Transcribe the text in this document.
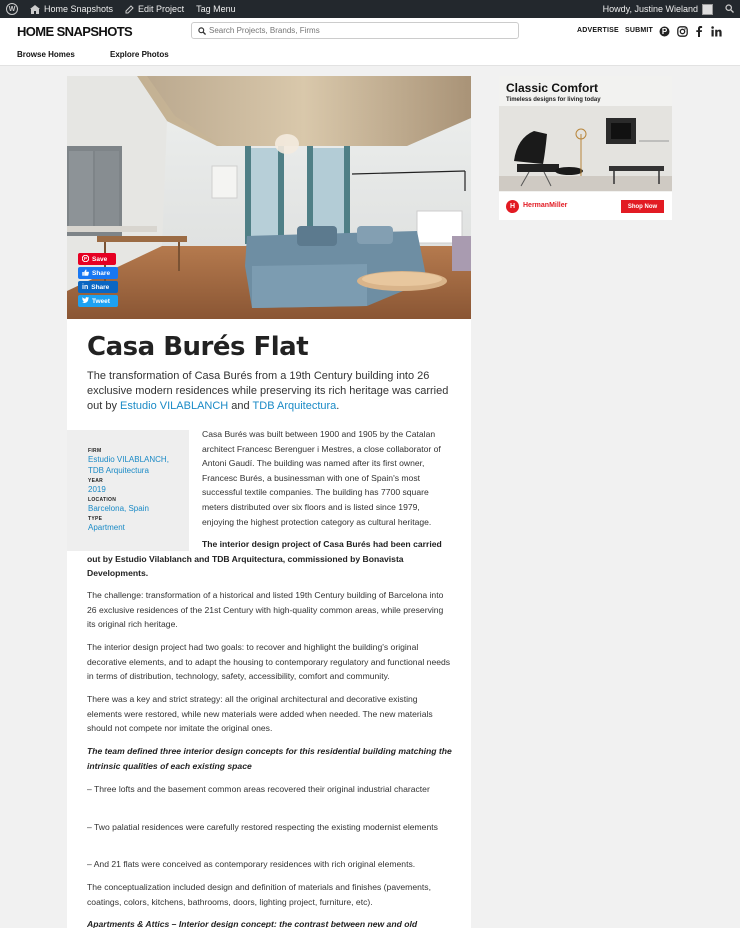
W	Home Snapshots	Edit Project Tag Menu	Howdy, Justine Wieland
HOME SNAPSHOTS
Search Projects, Brands, Firms	ADVERTISE SUBMIT P
Browse Homes	Explore Photos
P Save
Share
in Share
Tweet
Casa Burés Flat

The transformation of Casa Burés from a 19th Century building into 26 exclusive modern residences while preserving its rich heritage was carried out by Estudio VILABLANCH and TDB Arquitectura.

FIRM
Estudio VILABLANCH,
TDB Arquitectura
YEAR
2019
LOCATION
Barcelona, Spain
TYPE
Apartment

Casa Burés was built between 1900 and 1905 by the Catalan architect Francesc Berenguer i Mestres, a close collaborator of Antoni Gaudí. The building was named after its first owner, Francesc Burés, a businessman with one of Spain's most successful textile companies. The building has 7700 square meters distributed over six floors and is listed since 1979, enjoying the highest protection category as cultural heritage.

The interior design project of Casa Burés had been carried out by Estudio Vilablanch and TDB Arquitectura, commissioned by Bonavista Developments.

The challenge: transformation of a historical and listed 19th Century building of Barcelona into 26 exclusive residences of the 21st Century with high-quality common areas, while preserving its original rich heritage.

The interior design project had two goals: to recover and highlight the building's original decorative elements, and to adapt the housing to contemporary regulatory and functional needs in terms of distribution, technology, safety, accessibility, comfort and community.

There was a key and strict strategy: all the original architectural and decorative existing elements were restored, while new materials were added when needed. The new materials should not compete nor imitate the original ones.

The team defined three interior design concepts for this residential building matching the intrinsic qualities of each existing space

– Three lofts and the basement common areas recovered their original industrial character

– Two palatial residences were carefully restored respecting the existing modernist elements

– And 21 flats were conceived as contemporary residences with rich original elements.

The conceptualization included design and definition of materials and finishes (pavements, coatings, colors, kitchens, bathrooms, doors, lighting project, furniture, etc).

Apartments & Attics – Interior design concept: the contrast between new and old

Classic Comfort
Timeless designs for living today
H	HermanMiller	Shop Now
